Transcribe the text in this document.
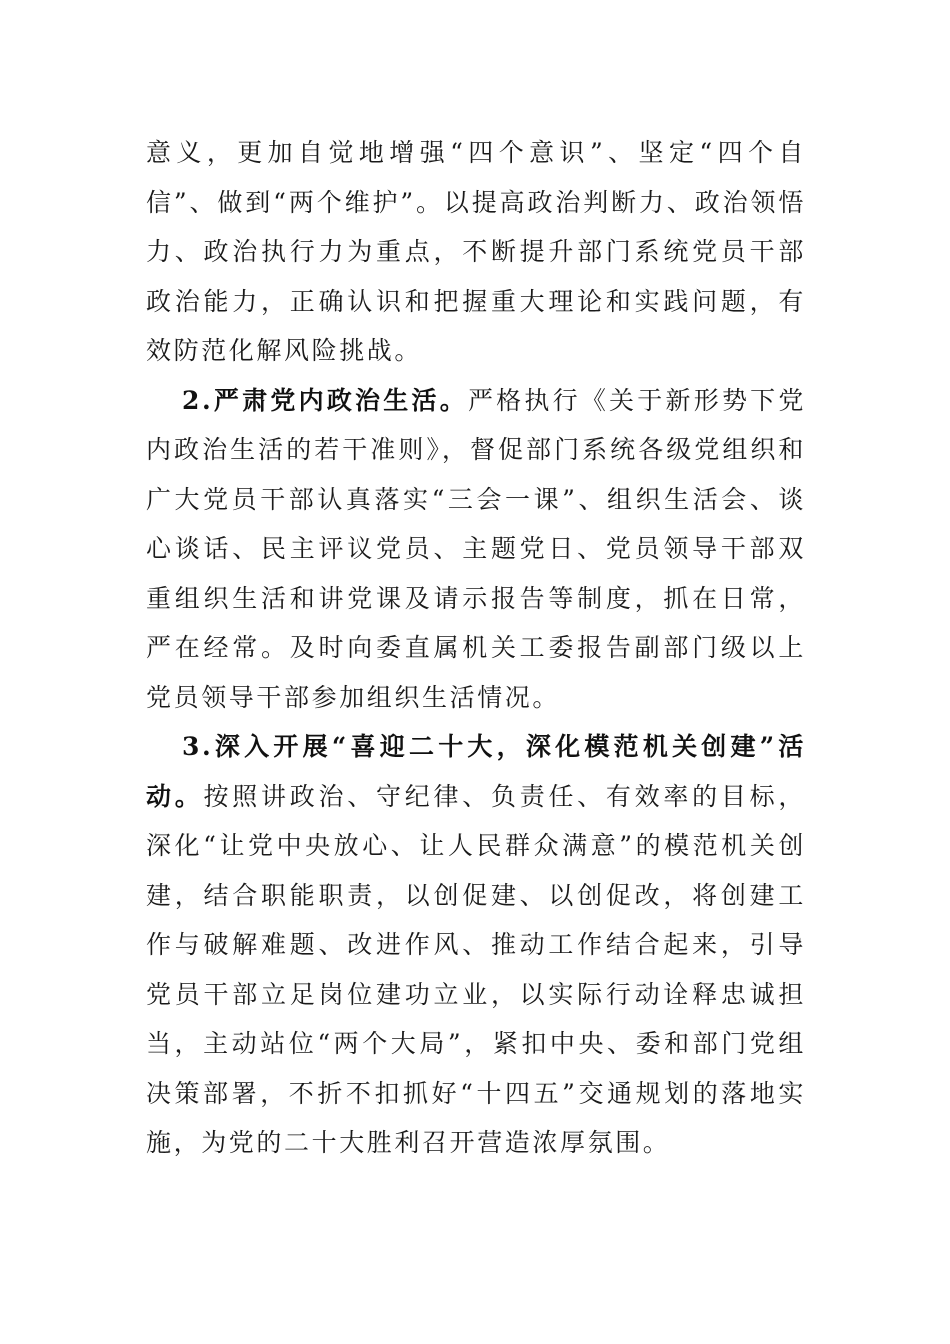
意义，更加自觉地增强“四个意识”、坚定“四个自信”、做到“两个维护”。以提高政治判断力、政治领悟力、政治执行力为重点，不断提升部门系统党员干部政治能力，正确认识和把握重大理论和实践问题，有效防范化解风险挑战。

2.严肃党内政治生活。严格执行《关于新形势下党内政治生活的若干准则》，督促部门系统各级党组织和广大党员干部认真落实“三会一课”、组织生活会、谈心谈话、民主评议党员、主题党日、党员领导干部双重组织生活和讲党课及请示报告等制度，抓在日常，严在经常。及时向委直属机关工委报告副部门级以上党员领导干部参加组织生活情况。

3.深入开展“喜迎二十大，深化模范机关创建”活动。按照讲政治、守纪律、负责任、有效率的目标，深化“让党中央放心、让人民群众满意”的模范机关创建，结合职能职责，以创促建、以创促改，将创建工作与破解难题、改进作风、推动工作结合起来，引导党员干部立足岗位建功立业，以实际行动诠释忠诚担当，主动站位“两个大局”，紧扣中央、委和部门党组决策部署，不折不扣抓好“十四五”交通规划的落地实施，为党的二十大胜利召开营造浓厚氛围。
